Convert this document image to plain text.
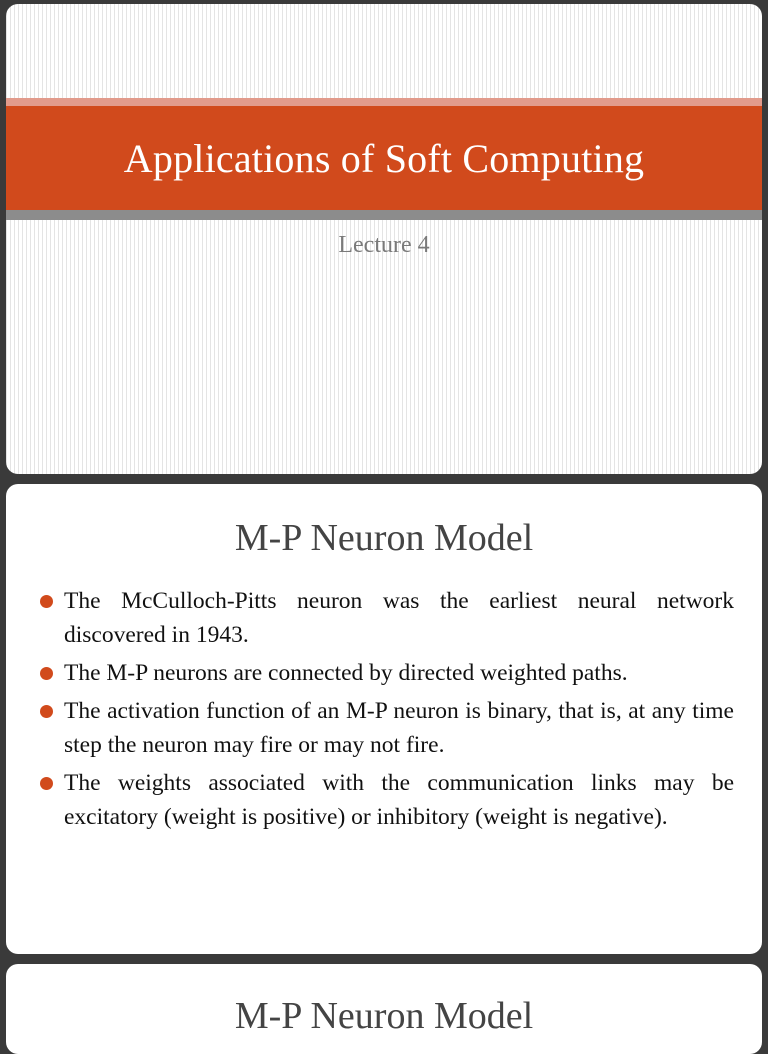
Applications of Soft Computing

Lecture 4

M-P Neuron Model
The McCulloch-Pitts neuron was the earliest neural network discovered in 1943.
The M-P neurons are connected by directed weighted paths.
The activation function of an M-P neuron is binary, that is, at any time step the neuron may fire or may not fire.
The weights associated with the communication links may be excitatory (weight is positive) or inhibitory (weight is negative).
M-P Neuron Model
